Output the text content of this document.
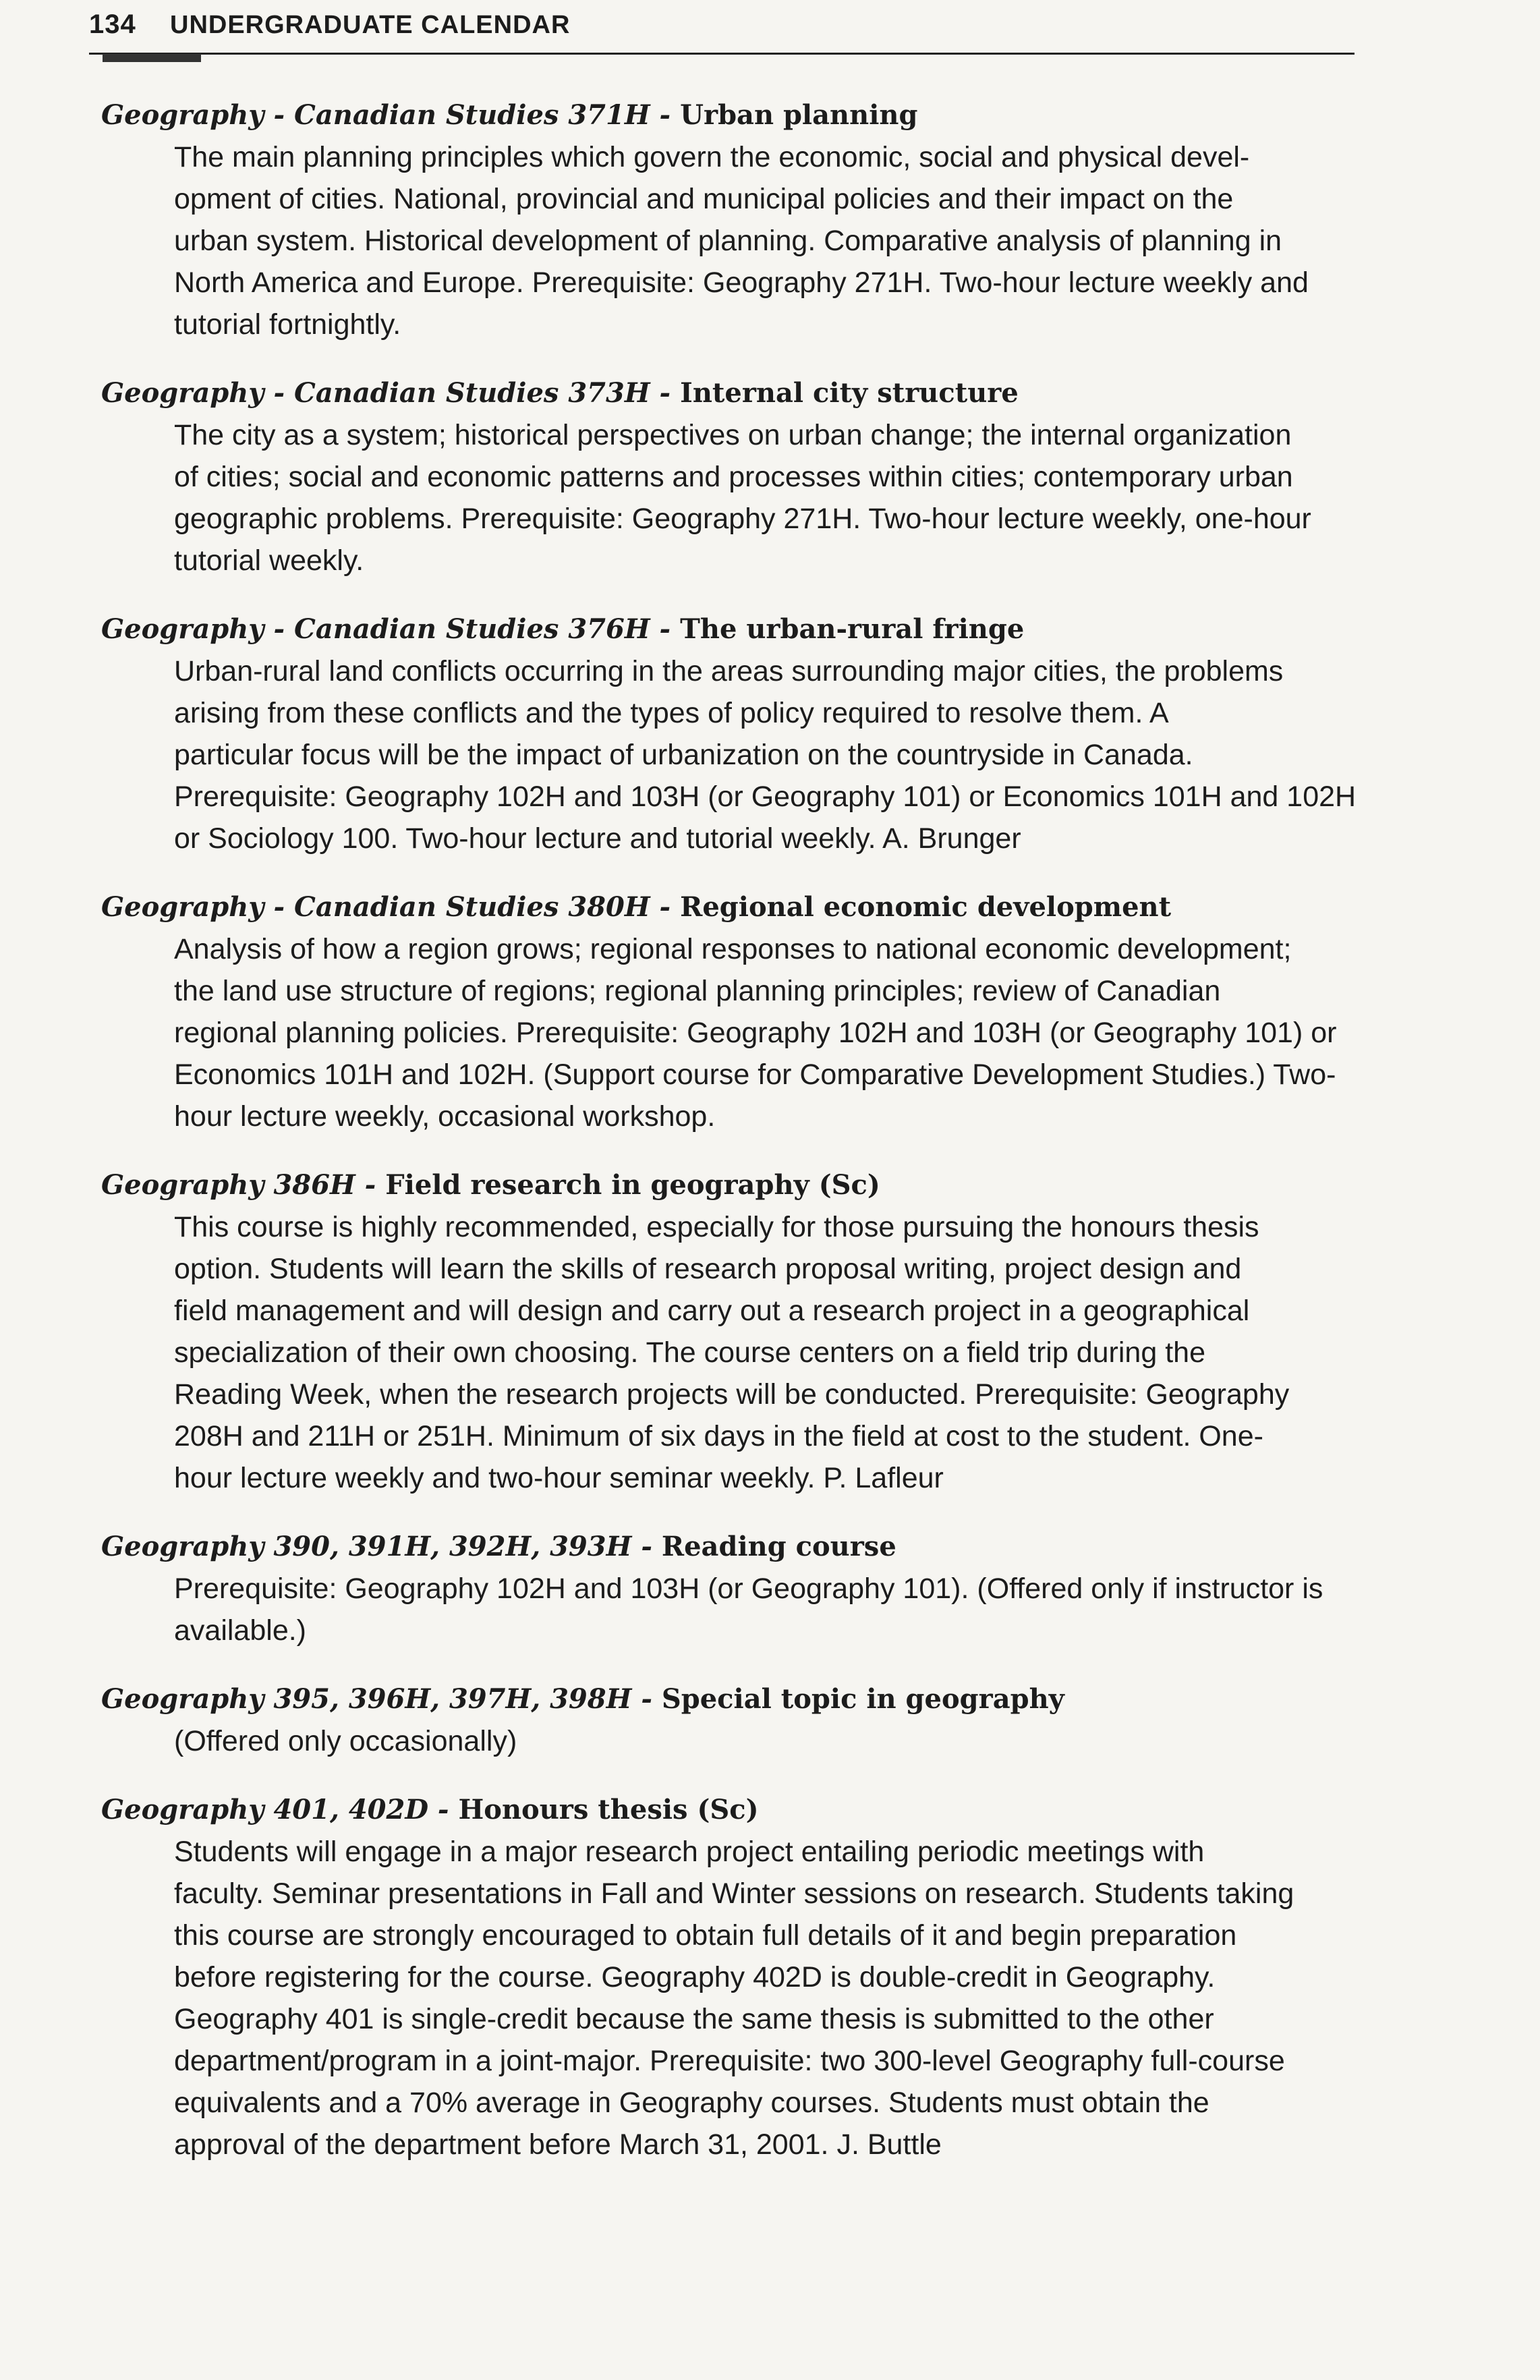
134 UNDERGRADUATE CALENDAR
Geography - Canadian Studies 371H - Urban planning

The main planning principles which govern the economic, social and physical devel-

opment of cities. National, provincial and municipal policies and their impact on the

urban system. Historical development of planning. Comparative analysis of planning in

North America and Europe. Prerequisite: Geography 271H. Two-hour lecture weekly and

tutorial fortnightly.

Geography - Canadian Studies 373H - Internal city structure

The city as a system; historical perspectives on urban change; the internal organization

of cities; social and economic patterns and processes within cities; contemporary urban

geographic problems. Prerequisite: Geography 271H. Two-hour lecture weekly, one-hour

tutorial weekly.

Geography - Canadian Studies 376H - The urban-rural fringe

Urban-rural land conflicts occurring in the areas surrounding major cities, the problems

arising from these conflicts and the types of policy required to resolve them. A

particular focus will be the impact of urbanization on the countryside in Canada.

Prerequisite: Geography 102H and 103H (or Geography 101) or Economics 101H and 102H

or Sociology 100. Two-hour lecture and tutorial weekly. A. Brunger

Geography - Canadian Studies 380H - Regional economic development

Analysis of how a region grows; regional responses to national economic development;

the land use structure of regions; regional planning principles; review of Canadian

regional planning policies. Prerequisite: Geography 102H and 103H (or Geography 101) or

Economics 101H and 102H. (Support course for Comparative Development Studies.) Two-

hour lecture weekly, occasional workshop.

Geography 386H - Field research in geography (Sc)

This course is highly recommended, especially for those pursuing the honours thesis

option. Students will learn the skills of research proposal writing, project design and

field management and will design and carry out a research project in a geographical

specialization of their own choosing. The course centers on a field trip during the

Reading Week, when the research projects will be conducted. Prerequisite: Geography

208H and 211H or 251H. Minimum of six days in the field at cost to the student. One-

hour lecture weekly and two-hour seminar weekly. P. Lafleur

Geography 390, 391H, 392H, 393H - Reading course

Prerequisite: Geography 102H and 103H (or Geography 101). (Offered only if instructor is

available.)

Geography 395, 396H, 397H, 398H - Special topic in geography

(Offered only occasionally)

Geography 401, 402D - Honours thesis (Sc)

Students will engage in a major research project entailing periodic meetings with

faculty. Seminar presentations in Fall and Winter sessions on research. Students taking

this course are strongly encouraged to obtain full details of it and begin preparation

before registering for the course. Geography 402D is double-credit in Geography.

Geography 401 is single-credit because the same thesis is submitted to the other

department/program in a joint-major. Prerequisite: two 300-level Geography full-course

equivalents and a 70% average in Geography courses. Students must obtain the

approval of the department before March 31, 2001. J. Buttle
